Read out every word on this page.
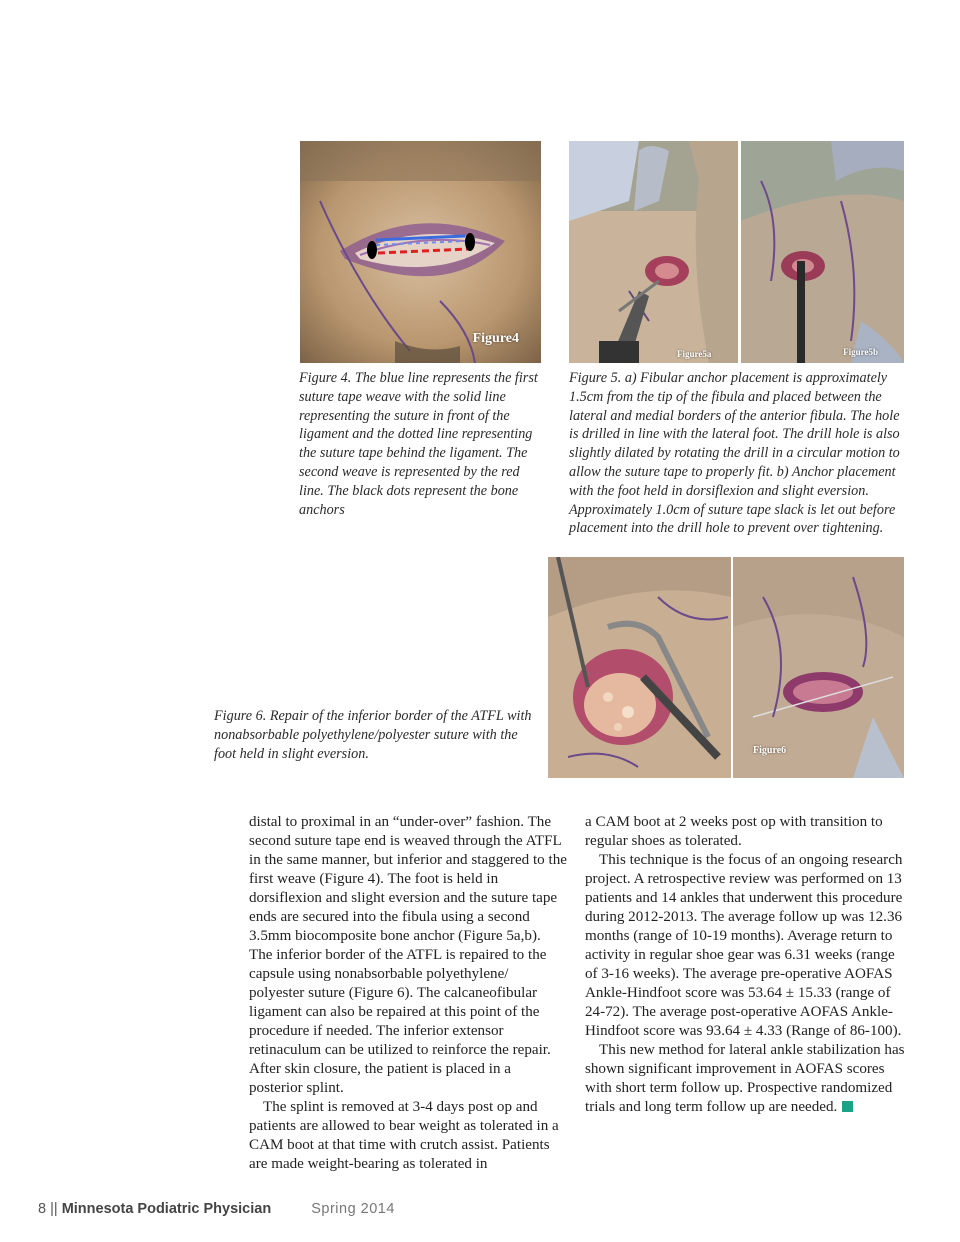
Figure4

Figure 4. The blue line represents the first suture tape weave with the solid line representing the suture in front of the ligament and the dotted line representing the suture tape behind the ligament. The second weave is represented by the red line. The black dots represent the bone anchors

Figure5a	Figure5b

Figure 5. a) Fibular anchor placement is approximately 1.5cm from the tip of the fibula and placed between the lateral and medial borders of the anterior fibula. The hole is drilled in line with the lateral foot. The drill hole is also slightly dilated by rotating the drill in a circular motion to allow the suture tape to properly fit. b) Anchor placement with the foot held in dorsiflexion and slight eversion. Approximately 1.0cm of suture tape slack is let out before placement into the drill hole to prevent over tightening.

Figure6

Figure 6. Repair of the inferior border of the ATFL with nonabsorbable polyethylene/polyester suture with the foot held in slight eversion.

distal to proximal in an “under-over” fashion. The second suture tape end is weaved through the ATFL in the same manner, but inferior and staggered to the first weave (Figure 4). The foot is held in dorsiflexion and slight eversion and the suture tape ends are secured into the fibula using a second 3.5mm biocomposite bone anchor (Figure 5a,b). The inferior border of the ATFL is repaired to the capsule using nonabsorbable polyethylene/ polyester suture (Figure 6). The calcaneofibular ligament can also be repaired at this point of the procedure if needed. The inferior extensor retinaculum can be utilized to reinforce the repair. After skin closure, the patient is placed in a posterior splint.

The splint is removed at 3-4 days post op and patients are allowed to bear weight as tolerated in a CAM boot at that time with crutch assist. Patients are made weight-bearing as tolerated in

a CAM boot at 2 weeks post op with transition to regular shoes as tolerated.

This technique is the focus of an ongoing research project. A retrospective review was performed on 13 patients and 14 ankles that underwent this procedure during 2012-2013. The average follow up was 12.36 months (range of 10-19 months). Average return to activity in regular shoe gear was 6.31 weeks (range of 3-16 weeks). The average pre-operative AOFAS Ankle-Hindfoot score was 53.64 ± 15.33 (range of 24-72). The average post-operative AOFAS Ankle- Hindfoot score was 93.64 ± 4.33 (Range of 86-100).

This new method for lateral ankle stabilization has shown significant improvement in AOFAS scores with short term follow up. Prospective randomized trials and long term follow up are needed.

8 || Minnesota Podiatric Physician	Spring 2014
